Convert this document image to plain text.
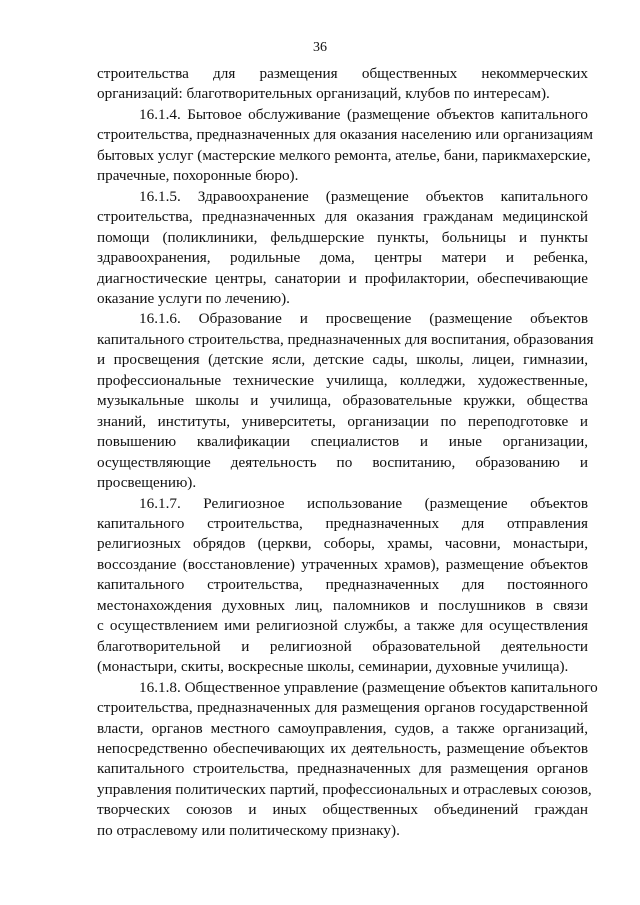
36
строительства для размещения общественных некоммерческих
организаций: благотворительных организаций, клубов по интересам).
16.1.4. Бытовое обслуживание (размещение объектов капитального
строительства, предназначенных для оказания населению или организациям
бытовых услуг (мастерские мелкого ремонта, ателье, бани, парикмахерские,
прачечные, похоронные бюро).
16.1.5. Здравоохранение (размещение объектов капитального
строительства, предназначенных для оказания гражданам медицинской
помощи (поликлиники, фельдшерские пункты, больницы и пункты
здравоохранения, родильные дома, центры матери и ребенка,
диагностические центры, санатории и профилактории, обеспечивающие
оказание услуги по лечению).
16.1.6. Образование и просвещение (размещение объектов
капитального строительства, предназначенных для воспитания, образования
и просвещения (детские ясли, детские сады, школы, лицеи, гимназии,
профессиональные технические училища, колледжи, художественные,
музыкальные школы и училища, образовательные кружки, общества
знаний, институты, университеты, организации по переподготовке и
повышению квалификации специалистов и иные организации,
осуществляющие деятельность по воспитанию, образованию и
просвещению).
16.1.7. Религиозное использование (размещение объектов
капитального строительства, предназначенных для отправления
религиозных обрядов (церкви, соборы, храмы, часовни, монастыри,
воссоздание (восстановление) утраченных храмов), размещение объектов
капитального строительства, предназначенных для постоянного
местонахождения духовных лиц, паломников и послушников в связи
с осуществлением ими религиозной службы, а также для осуществления
благотворительной и религиозной образовательной деятельности
(монастыри, скиты, воскресные школы, семинарии, духовные училища).
16.1.8. Общественное управление (размещение объектов капитального
строительства, предназначенных для размещения органов государственной
власти, органов местного самоуправления, судов, а также организаций,
непосредственно обеспечивающих их деятельность, размещение объектов
капитального строительства, предназначенных для размещения органов
управления политических партий, профессиональных и отраслевых союзов,
творческих союзов и иных общественных объединений граждан
по отраслевому или политическому признаку).
